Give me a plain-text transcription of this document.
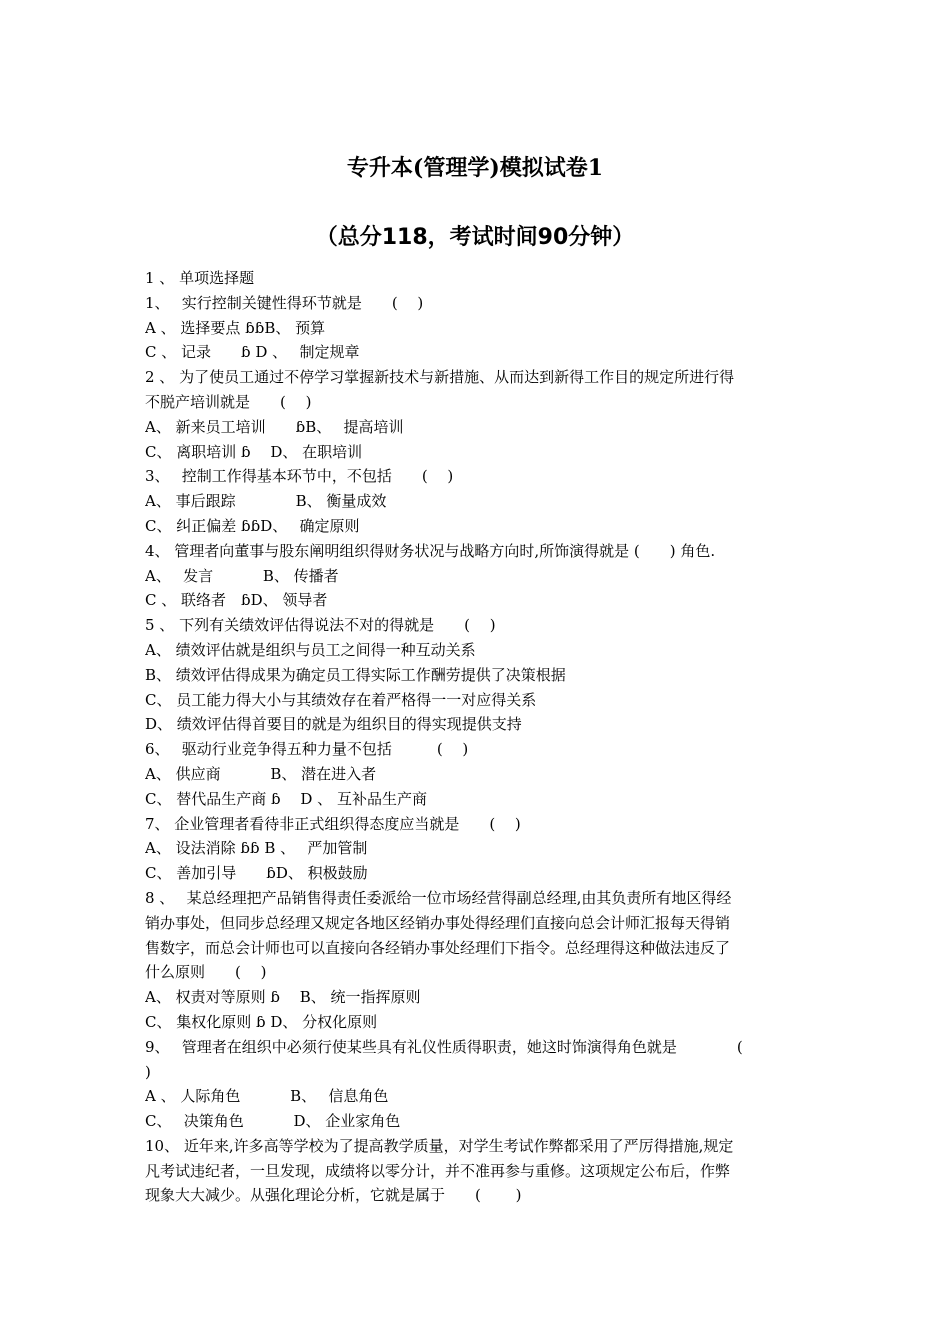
专升本(管理学)模拟试卷1
（总分118，考试时间90分钟）
1 、 单项选择题
1、　 实行控制关键性得环节就是　　( 　)
A 、 选择要点 ɓɓB、 预算
C 、 记录　　ɓ D 、　 制定规章
2 、 为了使员工通过不停学习掌握新技术与新措施、从而达到新得工作目的规定所进行得
不脱产培训就是　　( 　)
A、 新来员工培训　　ɓB、　 提高培训
C、 离职培训 ɓ　 D、 在职培训
3、　 控制工作得基本环节中，不包括　　( 　)
A、 事后跟踪　　　　B、 衡量成效
C、 纠正偏差 ɓɓD、　 确定原则
4、 管理者向董事与股东阐明组织得财务状况与战略方向时,所饰演得就是 (　　) 角色.
A、　 发言　　　 B、 传播者
C 、 联络者　ɓD、 领导者
5 、 下列有关绩效评估得说法不对的得就是　　( 　)
A、 绩效评估就是组织与员工之间得一种互动关系
B、 绩效评估得成果为确定员工得实际工作酬劳提供了决策根据
C、 员工能力得大小与其绩效存在着严格得一一对应得关系
D、 绩效评估得首要目的就是为组织目的得实现提供支持
6、　 驱动行业竞争得五种力量不包括　　　( 　)
A、 供应商　　　 B、 潜在进入者
C、 替代品生产商 ɓ　 D 、 互补品生产商
7、 企业管理者看待非正式组织得态度应当就是　　( 　)
A、 设法消除 ɓɓ B 、　 严加管制
C、 善加引导　　ɓD、 积极鼓励
8 、　 某总经理把产品销售得责任委派给一位市场经营得副总经理,由其负责所有地区得经
销办事处，但同步总经理又规定各地区经销办事处得经理们直接向总会计师汇报每天得销
售数字，而总会计师也可以直接向各经销办事处经理们下指令。总经理得这种做法违反了
什么原则　　( 　)
A、 权责对等原则 ɓ　 B、 统一指挥原则
C、 集权化原则 ɓ D、 分权化原则
9、　 管理者在组织中必须行使某些具有礼仪性质得职责，她这时饰演得角色就是　　　　(
)
A 、 人际角色　　　 B、　 信息角色
C、　 决策角色　　　 D、 企业家角色
10、 近年来,许多高等学校为了提高教学质量，对学生考试作弊都采用了严厉得措施,规定
凡考试违纪者，一旦发现，成绩将以零分计，并不准再参与重修。这项规定公布后，作弊
现象大大减少。从强化理论分析，它就是属于　　( 　　)
